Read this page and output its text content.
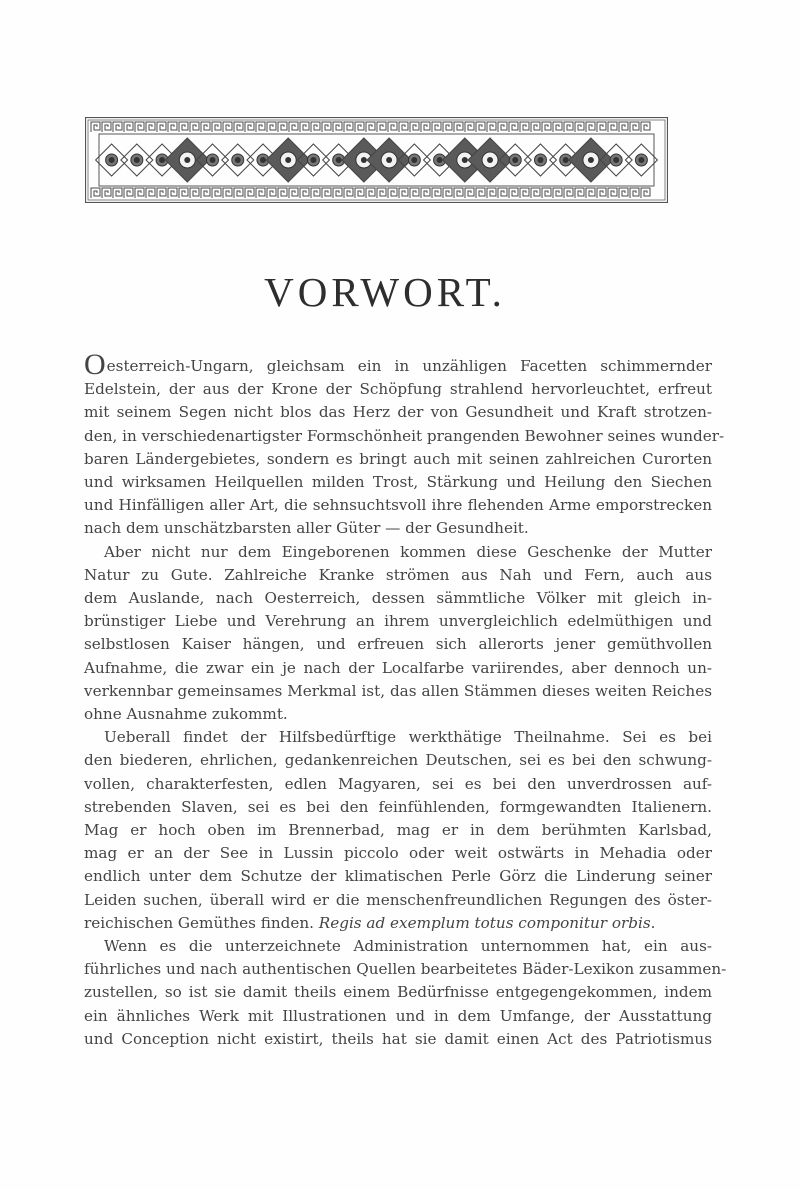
VORWORT.
Oesterreich-Ungarn, gleichsam ein in unzähligen Facetten schimmernder
Edelstein, der aus der Krone der Schöpfung strahlend hervorleuchtet, erfreut
mit seinem Segen nicht blos das Herz der von Gesundheit und Kraft strotzen-
den, in verschiedenartigster Formschönheit prangenden Bewohner seines wunder-
baren Ländergebietes, sondern es bringt auch mit seinen zahlreichen Curorten
und wirksamen Heilquellen milden Trost, Stärkung und Heilung den Siechen
und Hinfälligen aller Art, die sehnsuchtsvoll ihre flehenden Arme emporstrecken
nach dem unschätzbarsten aller Güter — der Gesundheit.
Aber nicht nur dem Eingeborenen kommen diese Geschenke der Mutter
Natur zu Gute. Zahlreiche Kranke strömen aus Nah und Fern, auch aus
dem Auslande, nach Oesterreich, dessen sämmtliche Völker mit gleich in-
brünstiger Liebe und Verehrung an ihrem unvergleichlich edelmüthigen und
selbstlosen Kaiser hängen, und erfreuen sich allerorts jener gemüthvollen
Aufnahme, die zwar ein je nach der Localfarbe variirendes, aber dennoch un-
verkennbar gemeinsames Merkmal ist, das allen Stämmen dieses weiten Reiches
ohne Ausnahme zukommt.
Ueberall findet der Hilfsbedürftige werkthätige Theilnahme. Sei es bei
den biederen, ehrlichen, gedankenreichen Deutschen, sei es bei den schwung-
vollen, charakterfesten, edlen Magyaren, sei es bei den unverdrossen auf-
strebenden Slaven, sei es bei den feinfühlenden, formgewandten Italienern.
Mag er hoch oben im Brennerbad, mag er in dem berühmten Karlsbad,
mag er an der See in Lussin piccolo oder weit ostwärts in Mehadia oder
endlich unter dem Schutze der klimatischen Perle Görz die Linderung seiner
Leiden suchen, überall wird er die menschenfreundlichen Regungen des öster-
reichischen Gemüthes finden. Regis ad exemplum totus componitur orbis.
Wenn es die unterzeichnete Administration unternommen hat, ein aus-
führliches und nach authentischen Quellen bearbeitetes Bäder-Lexikon zusammen-
zustellen, so ist sie damit theils einem Bedürfnisse entgegengekommen, indem
ein ähnliches Werk mit Illustrationen und in dem Umfange, der Ausstattung
und Conception nicht existirt, theils hat sie damit einen Act des Patriotismus
